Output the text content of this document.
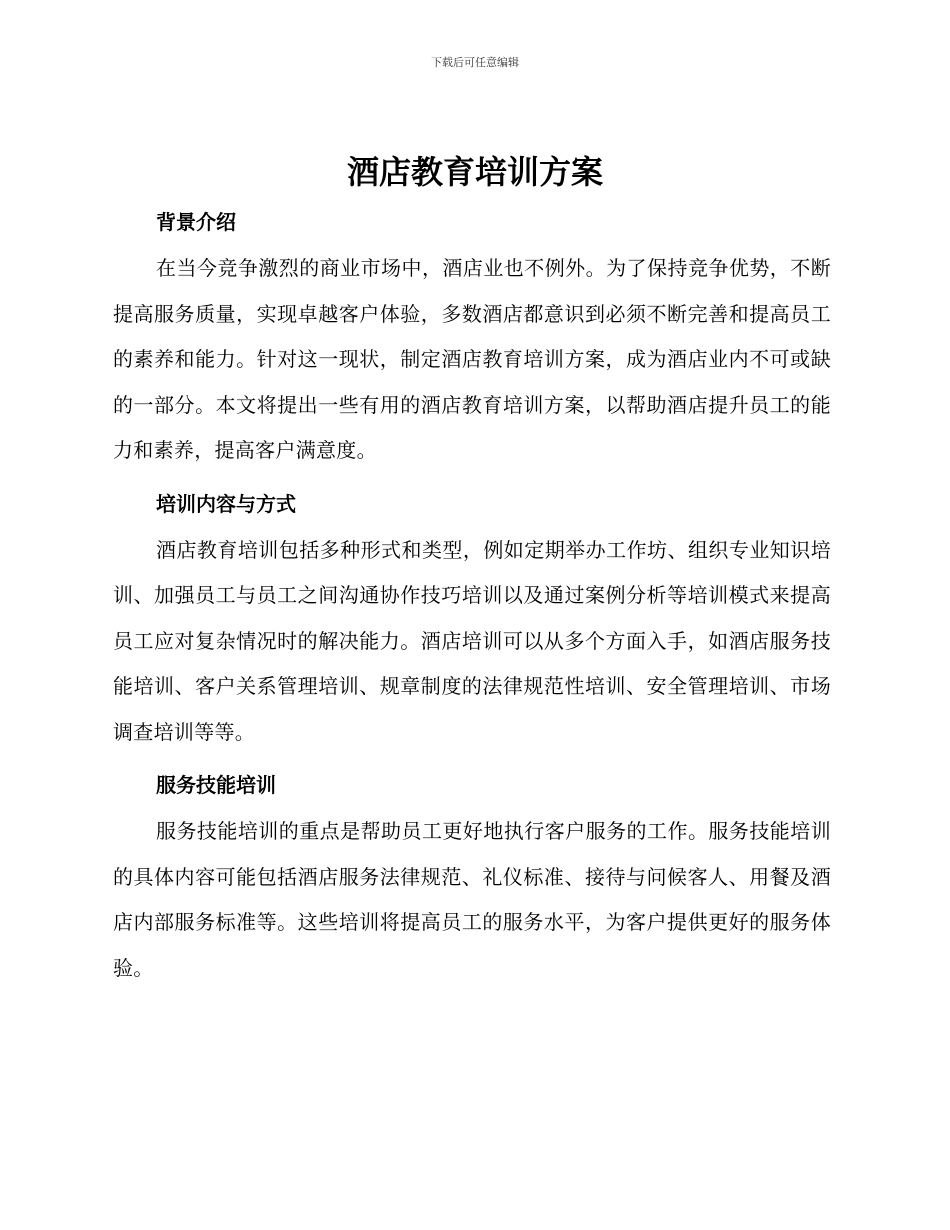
下载后可任意编辑
酒店教育培训方案
背景介绍

在当今竞争激烈的商业市场中，酒店业也不例外。为了保持竞争优势，不断提高服务质量，实现卓越客户体验，多数酒店都意识到必须不断完善和提高员工的素养和能力。针对这一现状，制定酒店教育培训方案，成为酒店业内不可或缺的一部分。本文将提出一些有用的酒店教育培训方案，以帮助酒店提升员工的能力和素养，提高客户满意度。

培训内容与方式

酒店教育培训包括多种形式和类型，例如定期举办工作坊、组织专业知识培训、加强员工与员工之间沟通协作技巧培训以及通过案例分析等培训模式来提高员工应对复杂情况时的解决能力。酒店培训可以从多个方面入手，如酒店服务技能培训、客户关系管理培训、规章制度的法律规范性培训、安全管理培训、市场调查培训等等。

服务技能培训

服务技能培训的重点是帮助员工更好地执行客户服务的工作。服务技能培训的具体内容可能包括酒店服务法律规范、礼仪标准、接待与问候客人、用餐及酒店内部服务标准等。这些培训将提高员工的服务水平，为客户提供更好的服务体验。
